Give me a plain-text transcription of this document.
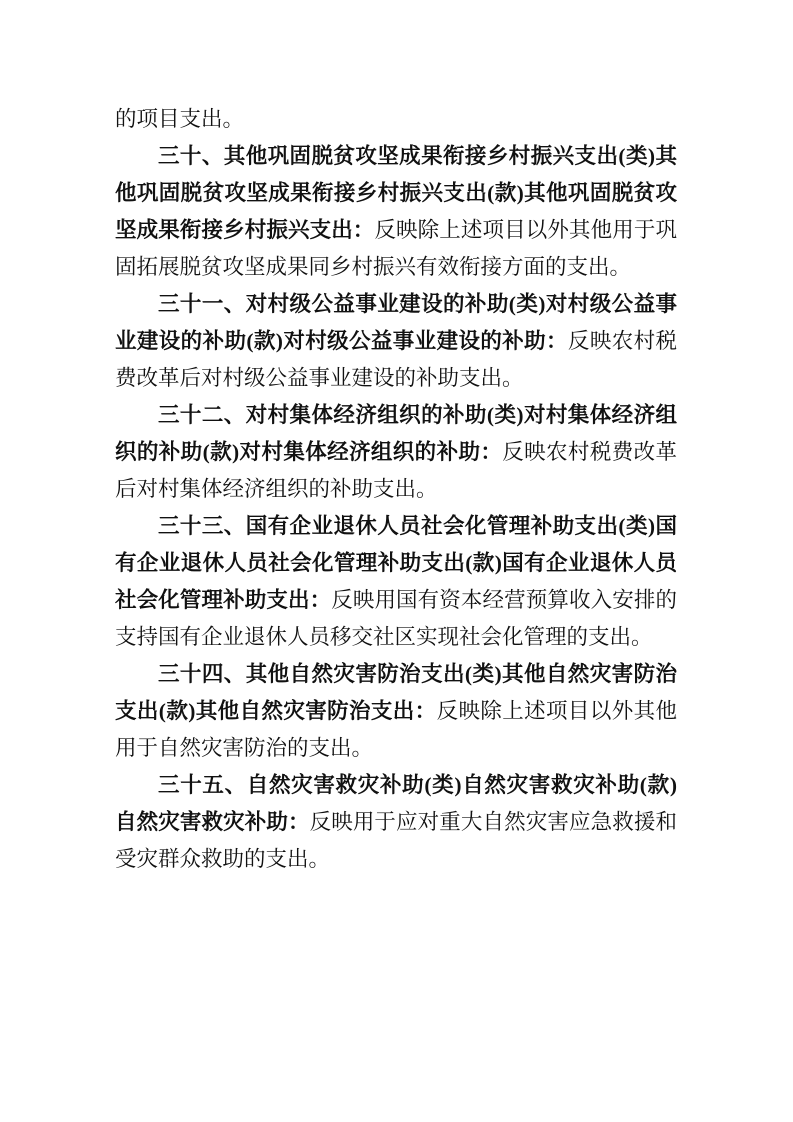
的项目支出。

三十、其他巩固脱贫攻坚成果衔接乡村振兴支出(类)其他巩固脱贫攻坚成果衔接乡村振兴支出(款)其他巩固脱贫攻坚成果衔接乡村振兴支出：反映除上述项目以外其他用于巩固拓展脱贫攻坚成果同乡村振兴有效衔接方面的支出。

三十一、对村级公益事业建设的补助(类)对村级公益事业建设的补助(款)对村级公益事业建设的补助：反映农村税费改革后对村级公益事业建设的补助支出。

三十二、对村集体经济组织的补助(类)对村集体经济组织的补助(款)对村集体经济组织的补助：反映农村税费改革后对村集体经济组织的补助支出。

三十三、国有企业退休人员社会化管理补助支出(类)国有企业退休人员社会化管理补助支出(款)国有企业退休人员社会化管理补助支出：反映用国有资本经营预算收入安排的支持国有企业退休人员移交社区实现社会化管理的支出。

三十四、其他自然灾害防治支出(类)其他自然灾害防治支出(款)其他自然灾害防治支出：反映除上述项目以外其他用于自然灾害防治的支出。

三十五、自然灾害救灾补助(类)自然灾害救灾补助(款)自然灾害救灾补助：反映用于应对重大自然灾害应急救援和受灾群众救助的支出。
